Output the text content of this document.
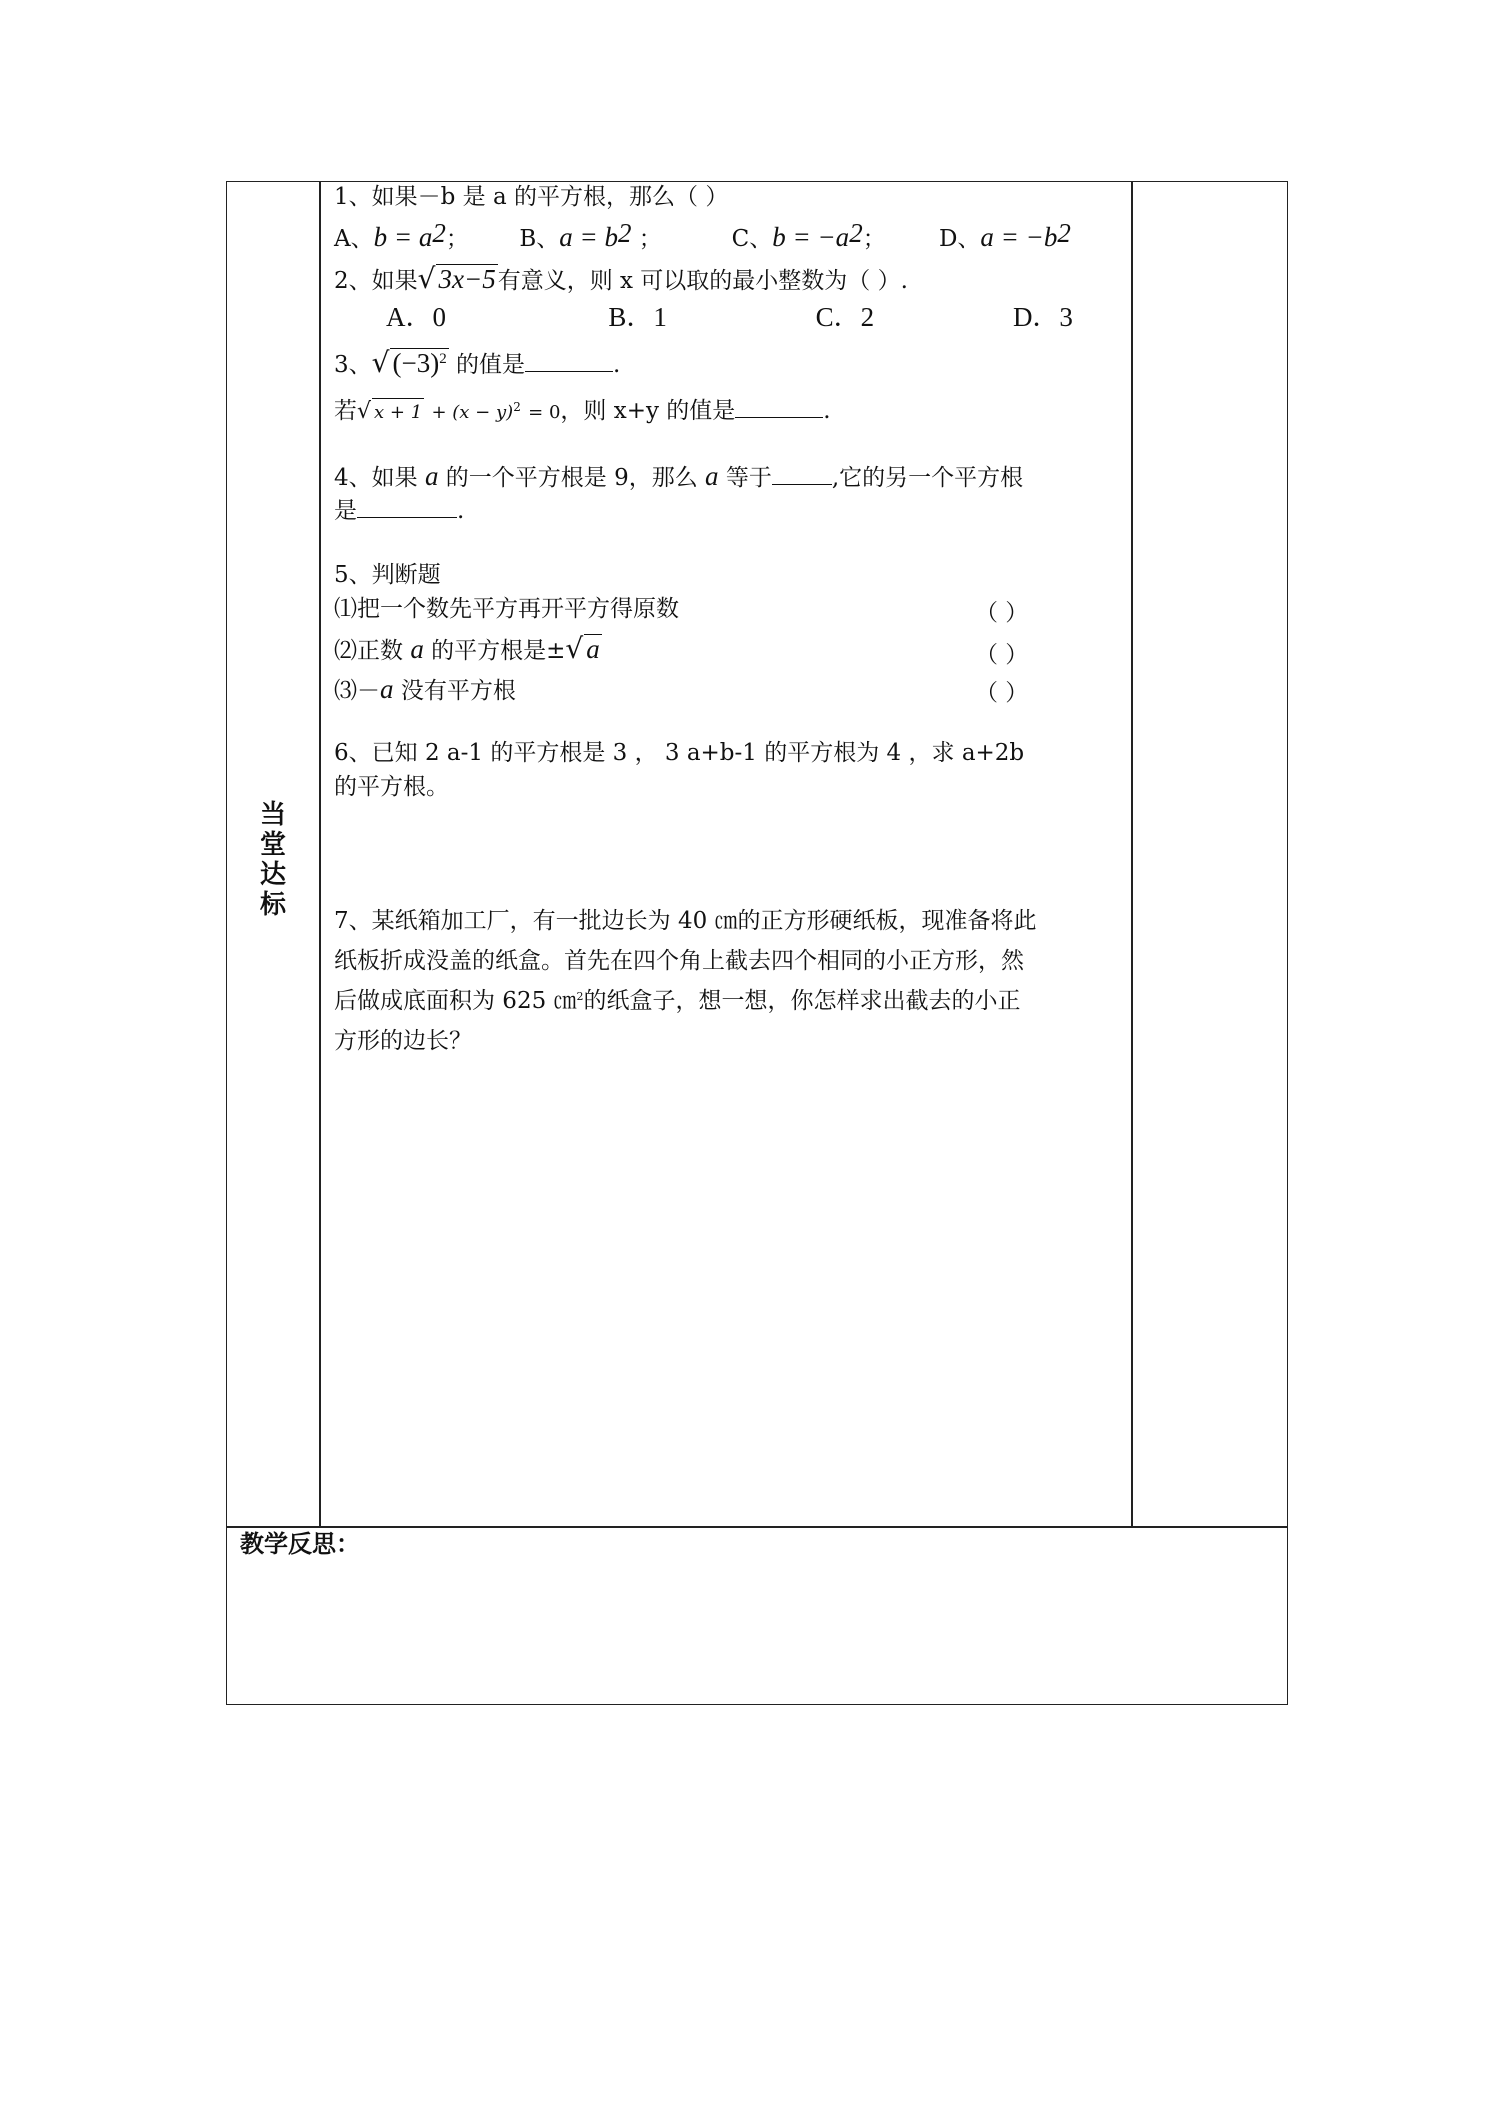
当
堂
达
标
1、如果－b 是 a 的平方根，那么（ ）
A、$b = a^2$； B、$a = b^2$ ；	C、$b = -a^2$； D、$a = -b^2$
2、如果√ 3x−5有意义，则 x 可以取的最小整数为（ ）.
A．0	B．1	C．2	D．3
3、√ $(-3)^2$ 的值是	.
若√ $x + 1 + (x - y)^2 = 0$，则 x+y 的值是	.
4、如果 a 的一个平方根是 9，那么 a 等于	,它的另一个平方根
是	.
5、判断题
⑴把一个数先平方再开平方得原数	（ ）
⑵正数 a 的平方根是±√ a	（ ）
⑶－a 没有平方根	（ ）
6、已知 2 a-1 的平方根是 3 ， 3 a+b-1 的平方根为 4 ，求 a+2b
的平方根。
7、某纸箱加工厂，有一批边长为 40 ㎝的正方形硬纸板，现准备将此
纸板折成没盖的纸盒。首先在四个角上截去四个相同的小正方形，然
后做成底面积为 625 ㎝$^2$的纸盒子，想一想，你怎样求出截去的小正
方形的边长？
教学反思：
